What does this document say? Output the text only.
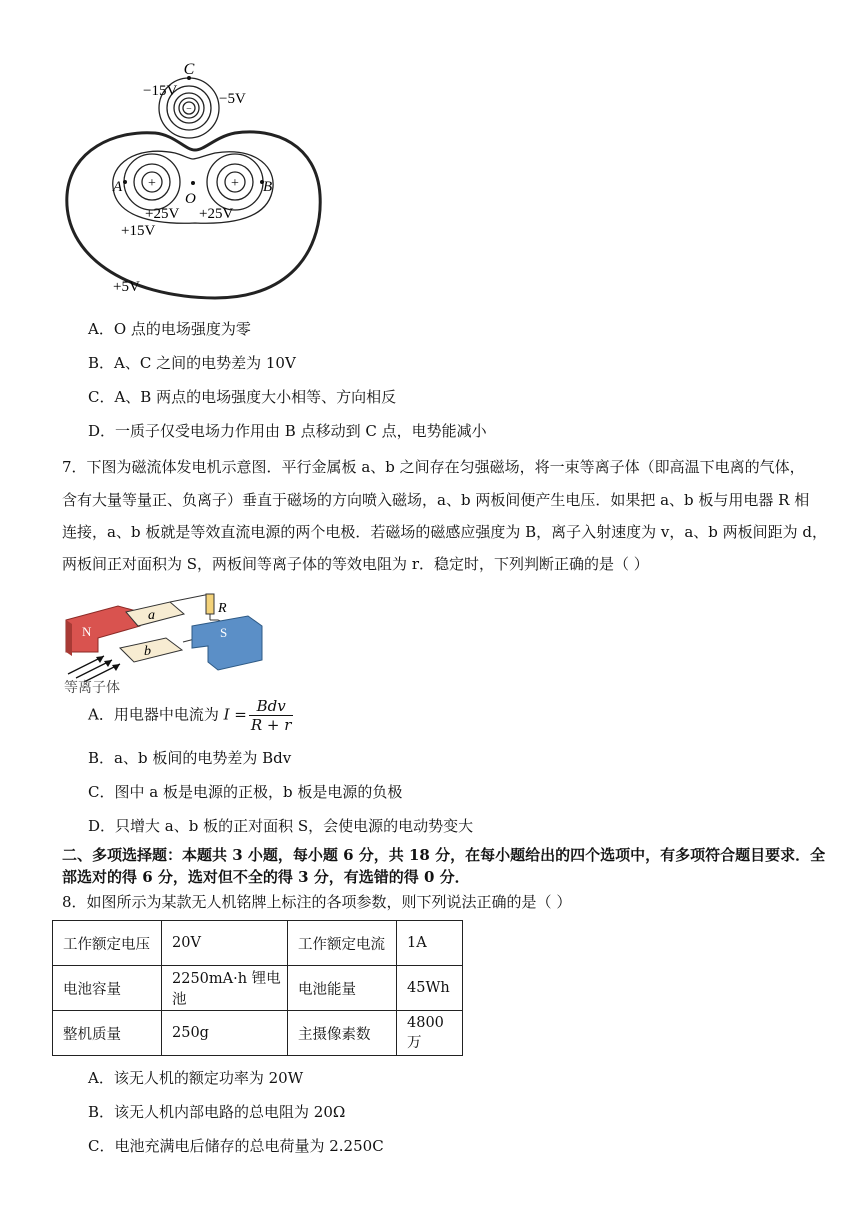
+	+
−
C
−15V	−5V
A
O
B
+25V +25V
+15V
+5V
A．O 点的电场强度为零
B．A、C 之间的电势差为 10V
C．A、B 两点的电场强度大小相等、方向相反
D．一质子仅受电场力作用由 B 点移动到 C 点，电势能减小
7．下图为磁流体发电机示意图．平行金属板 a、b 之间存在匀强磁场，将一束等离子体（即高温下电离的气体，
含有大量等量正、负离子）垂直于磁场的方向喷入磁场，a、b 两板间便产生电压．如果把 a、b 板与用电器 R 相
连接，a、b 板就是等效直流电源的两个电极．若磁场的磁感应强度为 B，离子入射速度为 v，a、b 两板间距为 d，
两板间正对面积为 S，两板间等离子体的等效电阻为 r．稳定时，下列判断正确的是（ ）
N
a	R
b
S
等离子体
A．用电器中电流为 $I = \frac{\text{Bdv}}{R + r}$
B．a、b 板间的电势差为 Bdv
C．图中 a 板是电源的正极，b 板是电源的负极
D．只增大 a、b 板的正对面积 S，会使电源的电动势变大
二、多项选择题：本题共 3 小题，每小题 6 分，共 18 分，在每小题给出的四个选项中，有多项符合题目要求．全
部选对的得 6 分，选对但不全的得 3 分，有选错的得 0 分．
8．如图所示为某款无人机铭牌上标注的各项参数，则下列说法正确的是（ ）
工作额定电压	20V	工作额定电流	1A
电池容量	2250mA·h 锂电池	电池能量	45Wh
整机质量	250g	主摄像素数	4800 万
A．该无人机的额定功率为 20W
B．该无人机内部电路的总电阻为 20Ω
C．电池充满电后储存的总电荷量为 2.250C
